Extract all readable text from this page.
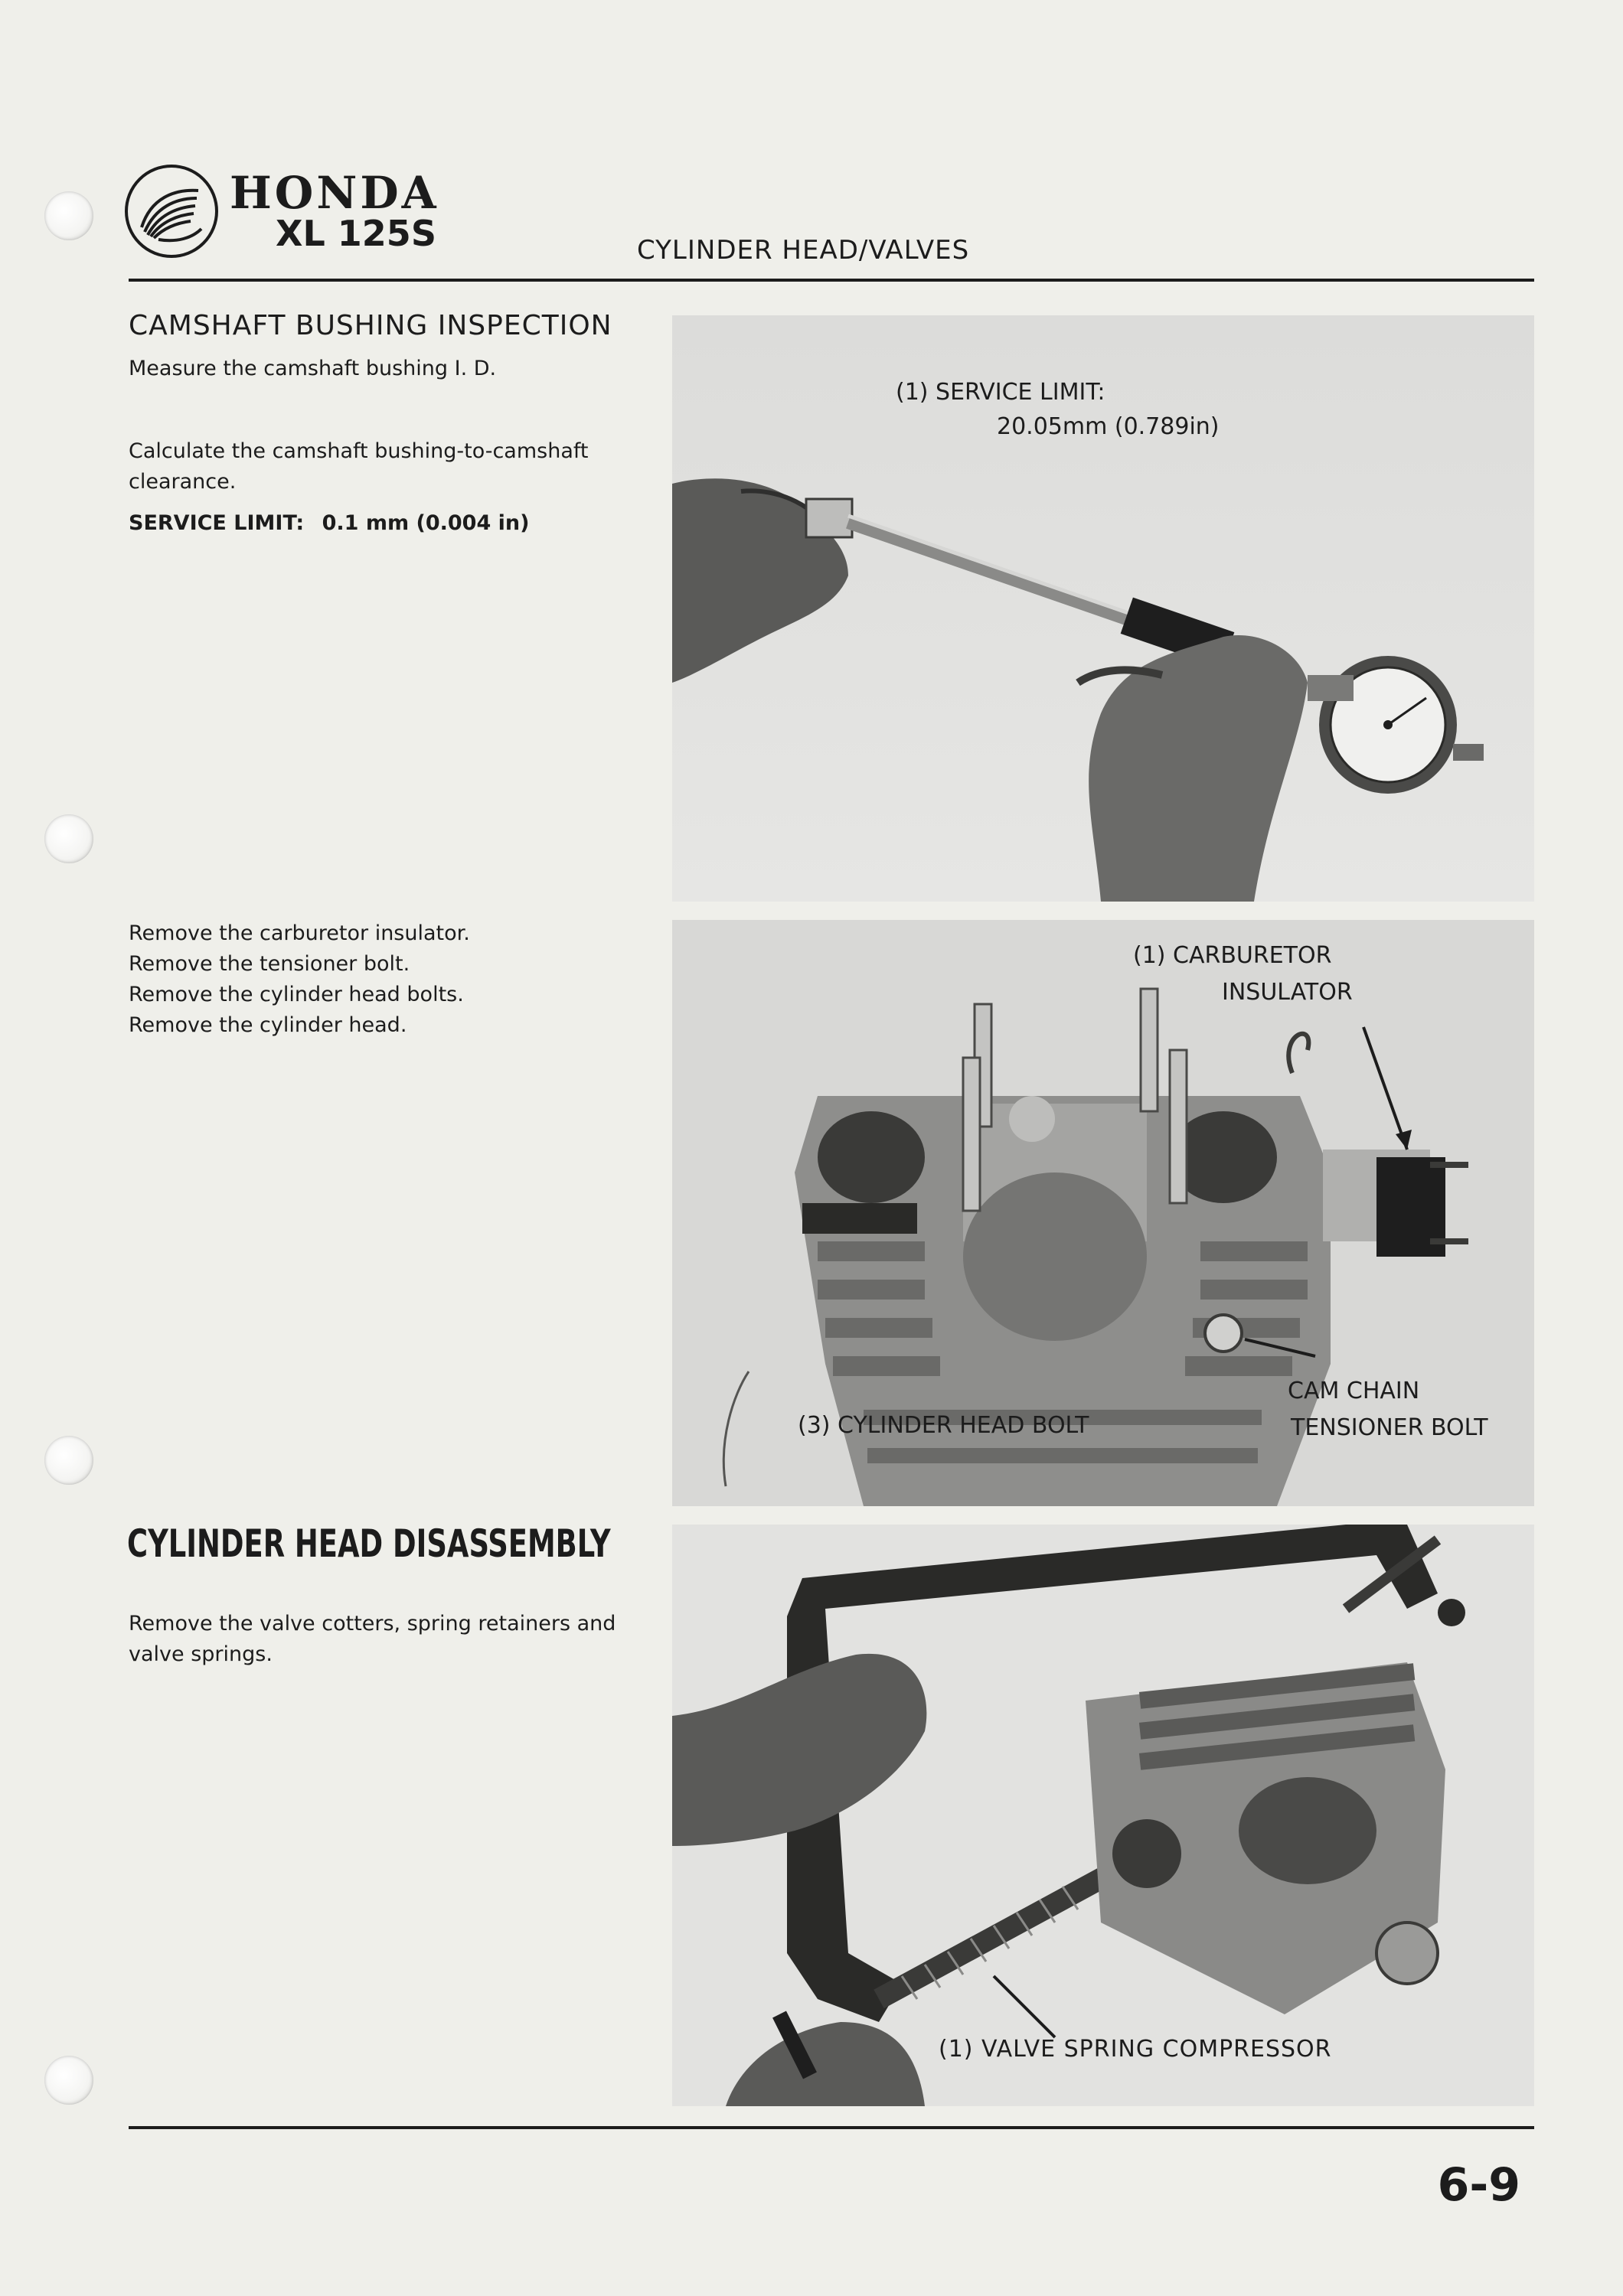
HONDA
XL 125S	CYLINDER HEAD/VALVES
CAMSHAFT BUSHING INSPECTION
Measure the camshaft bushing I. D.
Calculate the camshaft bushing-to-camshaft
clearance.
SERVICE LIMIT: 0.1 mm (0.004 in)
Remove the carburetor insulator.
Remove the tensioner bolt.
Remove the cylinder head bolts.
Remove the cylinder head.
CYLINDER HEAD DISASSEMBLY
Remove the valve cotters, spring retainers and
valve springs.
(1) SERVICE LIMIT:
20.05mm (0.789in)
(1) CARBURETOR
INSULATOR
CAM CHAIN
TENSIONER BOLT
(3) CYLINDER HEAD BOLT
(1) VALVE SPRING COMPRESSOR
6-9
